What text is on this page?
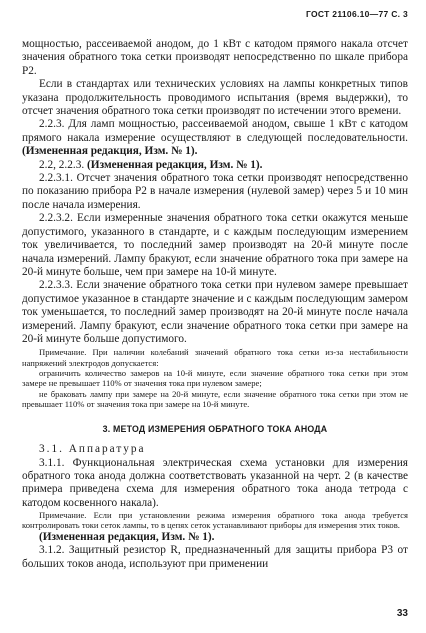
ГОСТ 21106.10—77 С. 3

мощностью, рассеиваемой анодом, до 1 кВт с катодом прямого накала отсчет значения обратного тока сетки производят непосредственно по шкале прибора P2.

Если в стандартах или технических условиях на лампы конкретных типов указана продолжительность проводимого испытания (время выдержки), то отсчет значения обратного тока сетки производят по истечении этого времени.

2.2.3. Для ламп мощностью, рассеиваемой анодом, свыше 1 кВт с катодом прямого накала измерение осуществляют в следующей последовательности. (Измененная редакция, Изм. № 1).

2.2, 2.2.3. (Измененная редакция, Изм. № 1).

2.2.3.1. Отсчет значения обратного тока сетки производят непосредственно по показанию прибора P2 в начале измерения (нулевой замер) через 5 и 10 мин после начала измерения.

2.2.3.2. Если измеренные значения обратного тока сетки окажутся меньше допустимого, указанного в стандарте, и с каждым последующим измерением ток увеличивается, то последний замер производят на 20-й минуте после начала измерений. Лампу бракуют, если значение обратного тока при замере на 20-й минуте больше, чем при замере на 10-й минуте.

2.2.3.3. Если значение обратного тока сетки при нулевом замере превышает допустимое указанное в стандарте значение и с каждым последующим замером ток уменьшается, то последний замер производят на 20-й минуте после начала измерений. Лампу бракуют, если значение обратного тока сетки при замере на 20-й минуте больше допустимого.

Примечание. При наличии колебаний значений обратного тока сетки из-за нестабильности напряжений электродов допускается:

ограничить количество замеров на 10-й минуте, если значение обратного тока сетки при этом замере не превышает 110% от значения тока при нулевом замере;

не браковать лампу при замере на 20-й минуте, если значение обратного тока сетки при этом не превышает 110% от значения тока при замере на 10-й минуте.

3. МЕТОД ИЗМЕРЕНИЯ ОБРАТНОГО ТОКА АНОДА

3.1. Аппаратура

3.1.1. Функциональная электрическая схема установки для измерения обратного тока анода должна соответствовать указанной на черт. 2 (в качестве примера приведена схема для измерения обратного тока анода тетрода с катодом косвенного накала).

Примечание. Если при установлении режима измерения обратного тока анода требуется контролировать токи сеток лампы, то в цепях сеток устанавливают приборы для измерения этих токов.

(Измененная редакция, Изм. № 1).

3.1.2. Защитный резистор R, предназначенный для защиты прибора P3 от больших токов анода, используют при применении

33
